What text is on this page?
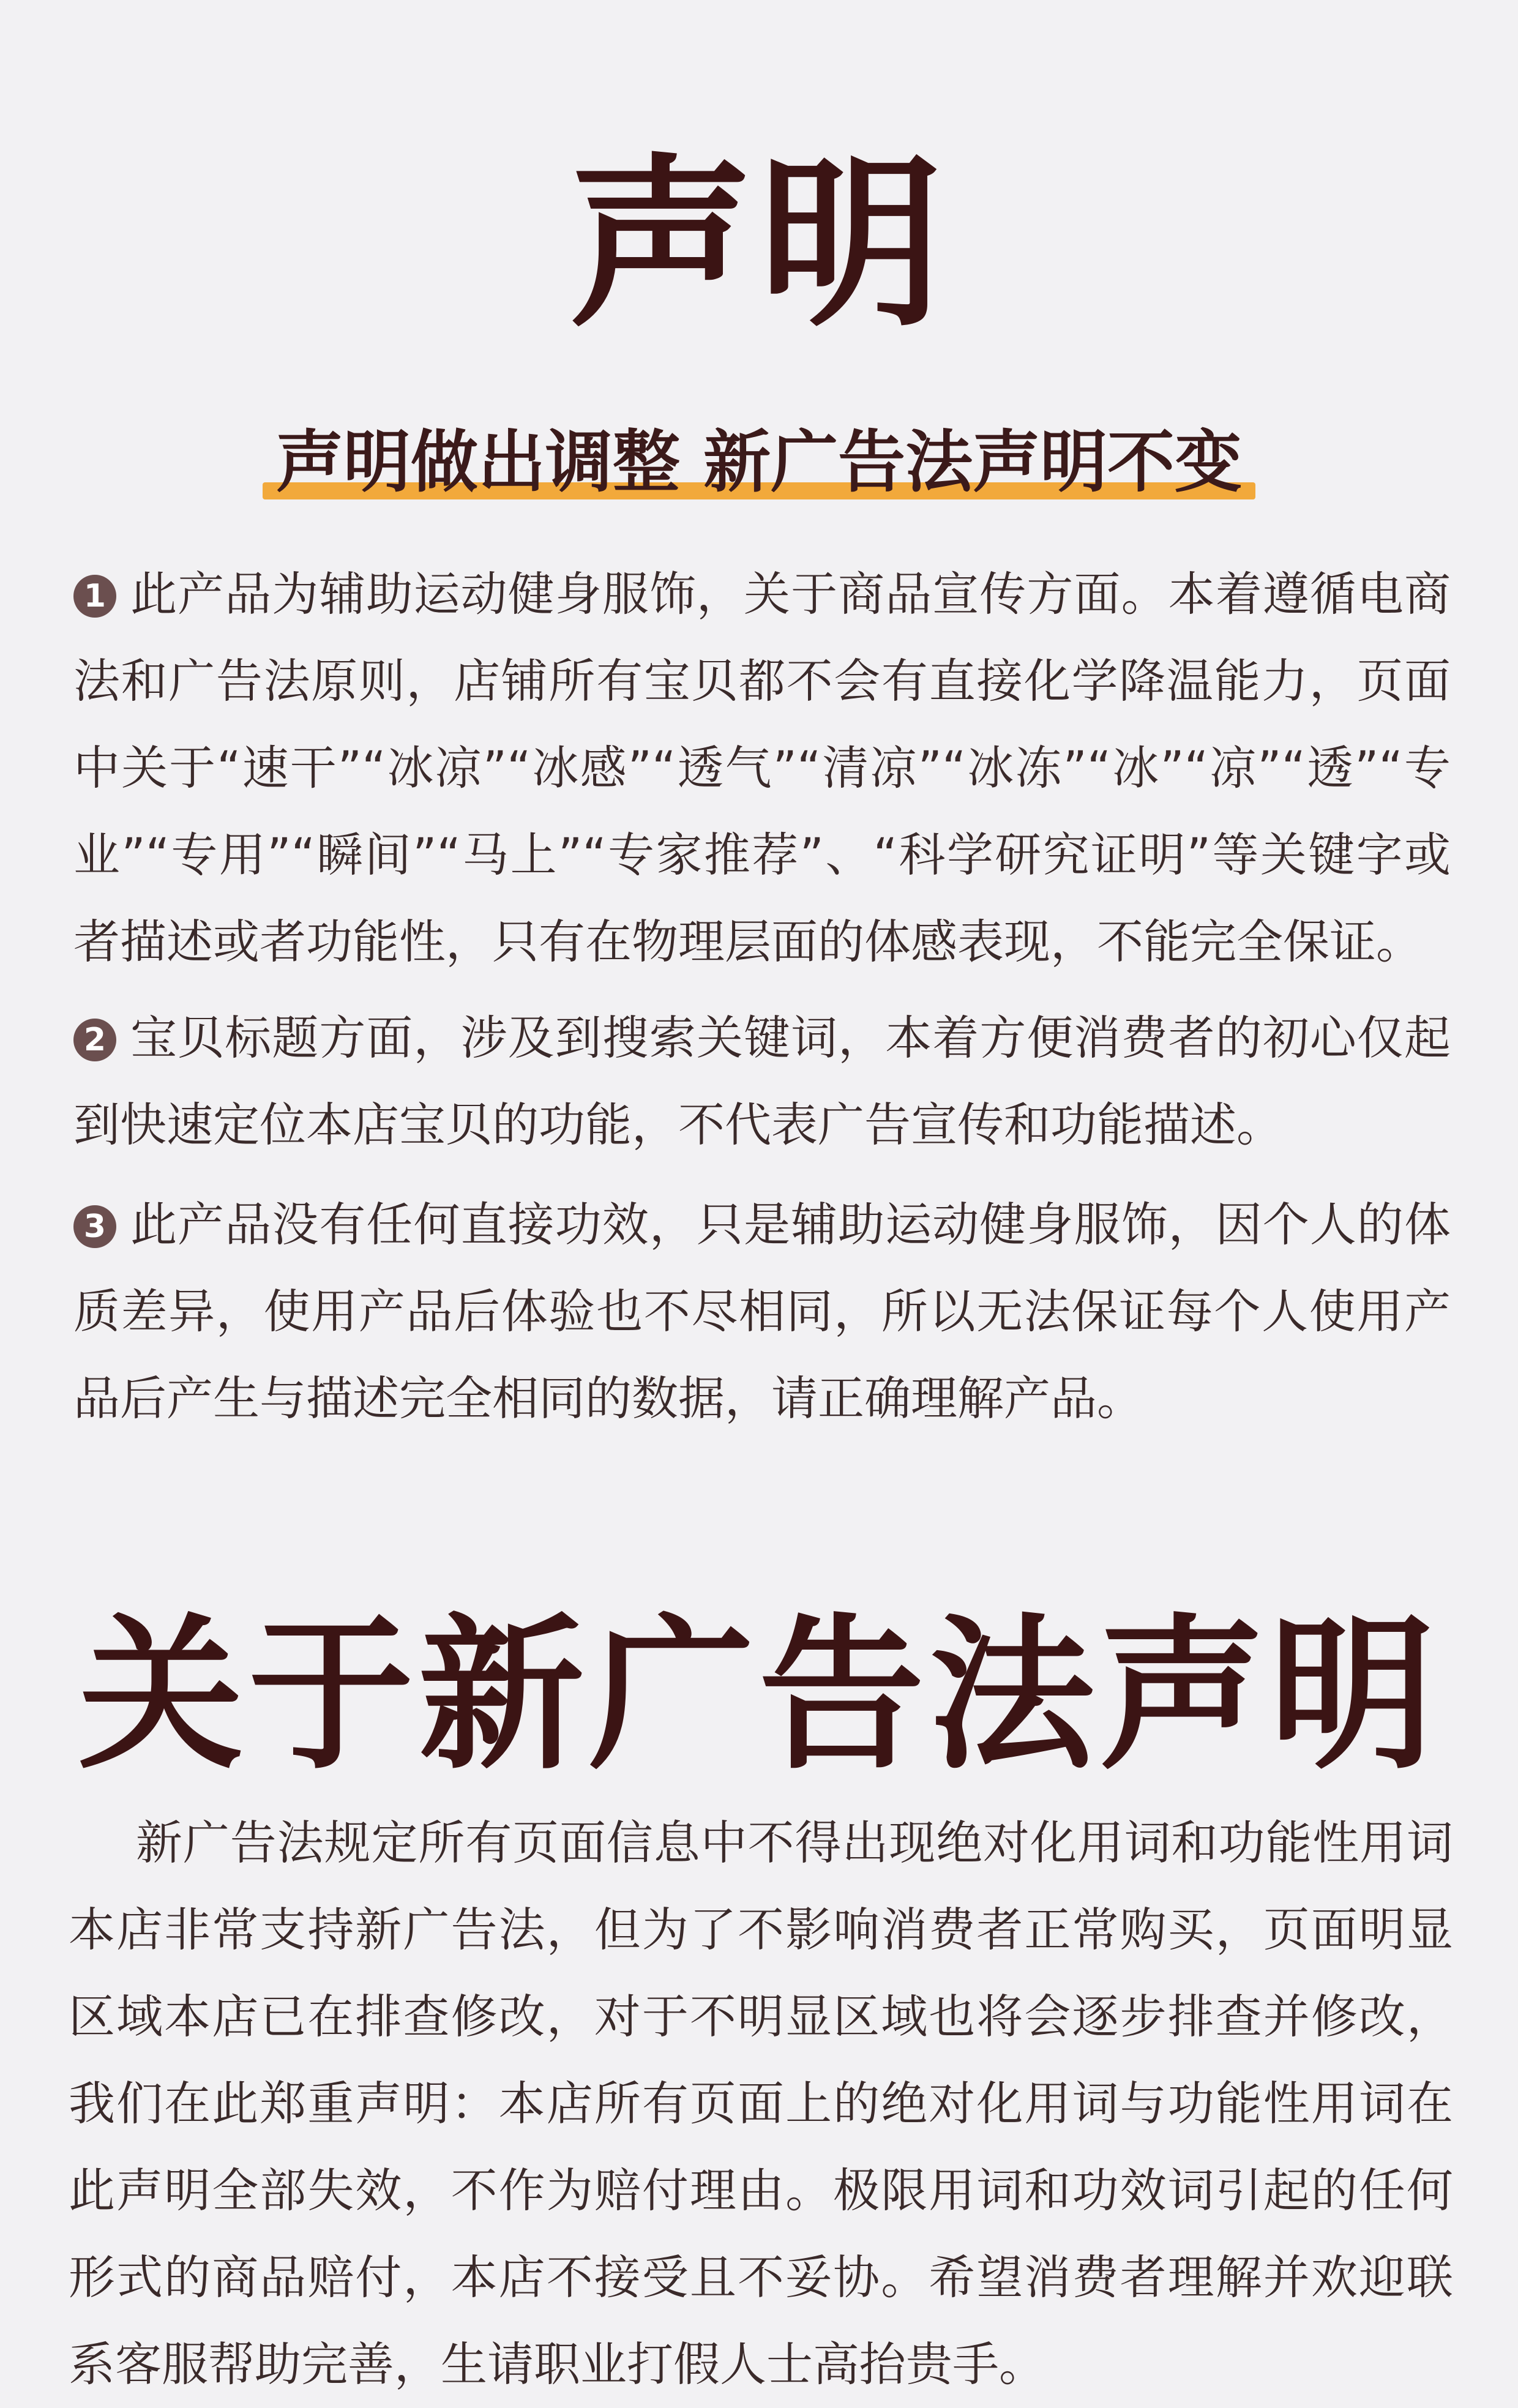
声明
声明做出调整 新广告法声明不变

1 此产品为辅助运动健身服饰，关于商品宣传方面。本着遵循电商法和广告法原则，店铺所有宝贝都不会有直接化学降温能力，页面中关于“速干”“冰凉”“冰感”“透气”“清凉”“冰冻”“冰”“凉”“透”“专业”“专用”“瞬间”“马上”“专家推荐”、“科学研究证明”等关键字或者描述或者功能性，只有在物理层面的体感表现，不能完全保证。

2 宝贝标题方面，涉及到搜索关键词，本着方便消费者的初心仅起到快速定位本店宝贝的功能，不代表广告宣传和功能描述。

3 此产品没有任何直接功效，只是辅助运动健身服饰，因个人的体质差异，使用产品后体验也不尽相同，所以无法保证每个人使用产品后产生与描述完全相同的数据，请正确理解产品。

关于新广告法声明

新广告法规定所有页面信息中不得出现绝对化用词和功能性用词本店非常支持新广告法，但为了不影响消费者正常购买，页面明显区域本店已在排查修改，对于不明显区域也将会逐步排查并修改，我们在此郑重声明：本店所有页面上的绝对化用词与功能性用词在此声明全部失效，不作为赔付理由。极限用词和功效词引起的任何形式的商品赔付，本店不接受且不妥协。希望消费者理解并欢迎联系客服帮助完善，生请职业打假人士高抬贵手。
